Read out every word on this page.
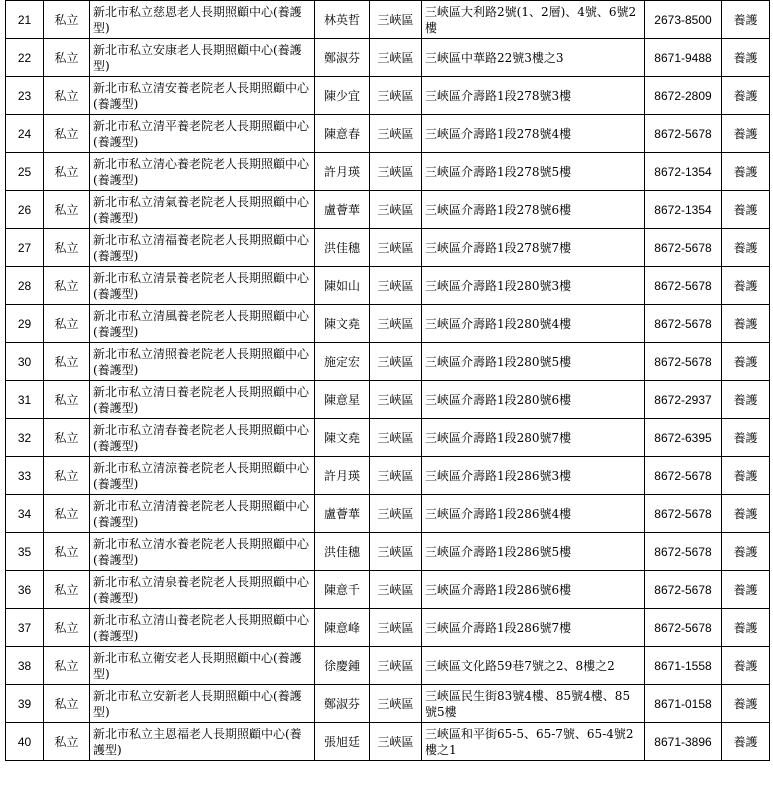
21	私立	新北市私立慈恩老人長期照顧中心(養護型)	林英哲	三峽區	三峽區大利路2號(1、2層)、4號、6號2樓	2673-8500	養護
22	私立	新北市私立安康老人長期照顧中心(養護型)	鄭淑芬	三峽區	三峽區中華路22號3樓之3	8671-9488	養護
23	私立	新北市私立清安養老院老人長期照顧中心(養護型)	陳少宜	三峽區	三峽區介壽路1段278號3樓	8672-2809	養護
24	私立	新北市私立清平養老院老人長期照顧中心(養護型)	陳意春	三峽區	三峽區介壽路1段278號4樓	8672-5678	養護
25	私立	新北市私立清心養老院老人長期照顧中心(養護型)	許月瑛	三峽區	三峽區介壽路1段278號5樓	8672-1354	養護
26	私立	新北市私立清氣養老院老人長期照顧中心(養護型)	盧薈華	三峽區	三峽區介壽路1段278號6樓	8672-1354	養護
27	私立	新北市私立清福養老院老人長期照顧中心(養護型)	洪佳穗	三峽區	三峽區介壽路1段278號7樓	8672-5678	養護
28	私立	新北市私立清景養老院老人長期照顧中心(養護型)	陳如山	三峽區	三峽區介壽路1段280號3樓	8672-5678	養護
29	私立	新北市私立清風養老院老人長期照顧中心(養護型)	陳文堯	三峽區	三峽區介壽路1段280號4樓	8672-5678	養護
30	私立	新北市私立清照養老院老人長期照顧中心(養護型)	施定宏	三峽區	三峽區介壽路1段280號5樓	8672-5678	養護
31	私立	新北市私立清日養老院老人長期照顧中心(養護型)	陳意星	三峽區	三峽區介壽路1段280號6樓	8672-2937	養護
32	私立	新北市私立清春養老院老人長期照顧中心(養護型)	陳文堯	三峽區	三峽區介壽路1段280號7樓	8672-6395	養護
33	私立	新北市私立清涼養老院老人長期照顧中心(養護型)	許月瑛	三峽區	三峽區介壽路1段286號3樓	8672-5678	養護
34	私立	新北市私立清清養老院老人長期照顧中心(養護型)	盧薈華	三峽區	三峽區介壽路1段286號4樓	8672-5678	養護
35	私立	新北市私立清水養老院老人長期照顧中心(養護型)	洪佳穗	三峽區	三峽區介壽路1段286號5樓	8672-5678	養護
36	私立	新北市私立清泉養老院老人長期照顧中心(養護型)	陳意千	三峽區	三峽區介壽路1段286號6樓	8672-5678	養護
37	私立	新北市私立清山養老院老人長期照顧中心(養護型)	陳意峰	三峽區	三峽區介壽路1段286號7樓	8672-5678	養護
38	私立	新北市私立衛安老人長期照顧中心(養護型)	徐慶鍾	三峽區	三峽區文化路59巷7號之2、8樓之2	8671-1558	養護
39	私立	新北市私立安新老人長期照顧中心(養護型)	鄭淑芬	三峽區	三峽區民生街83號4樓、85號4樓、85號5樓	8671-0158	養護
40	私立	新北市私立主恩福老人長期照顧中心(養護型)	張旭廷	三峽區	三峽區和平街65-5、65-7號、65-4號2樓之1	8671-3896	養護
